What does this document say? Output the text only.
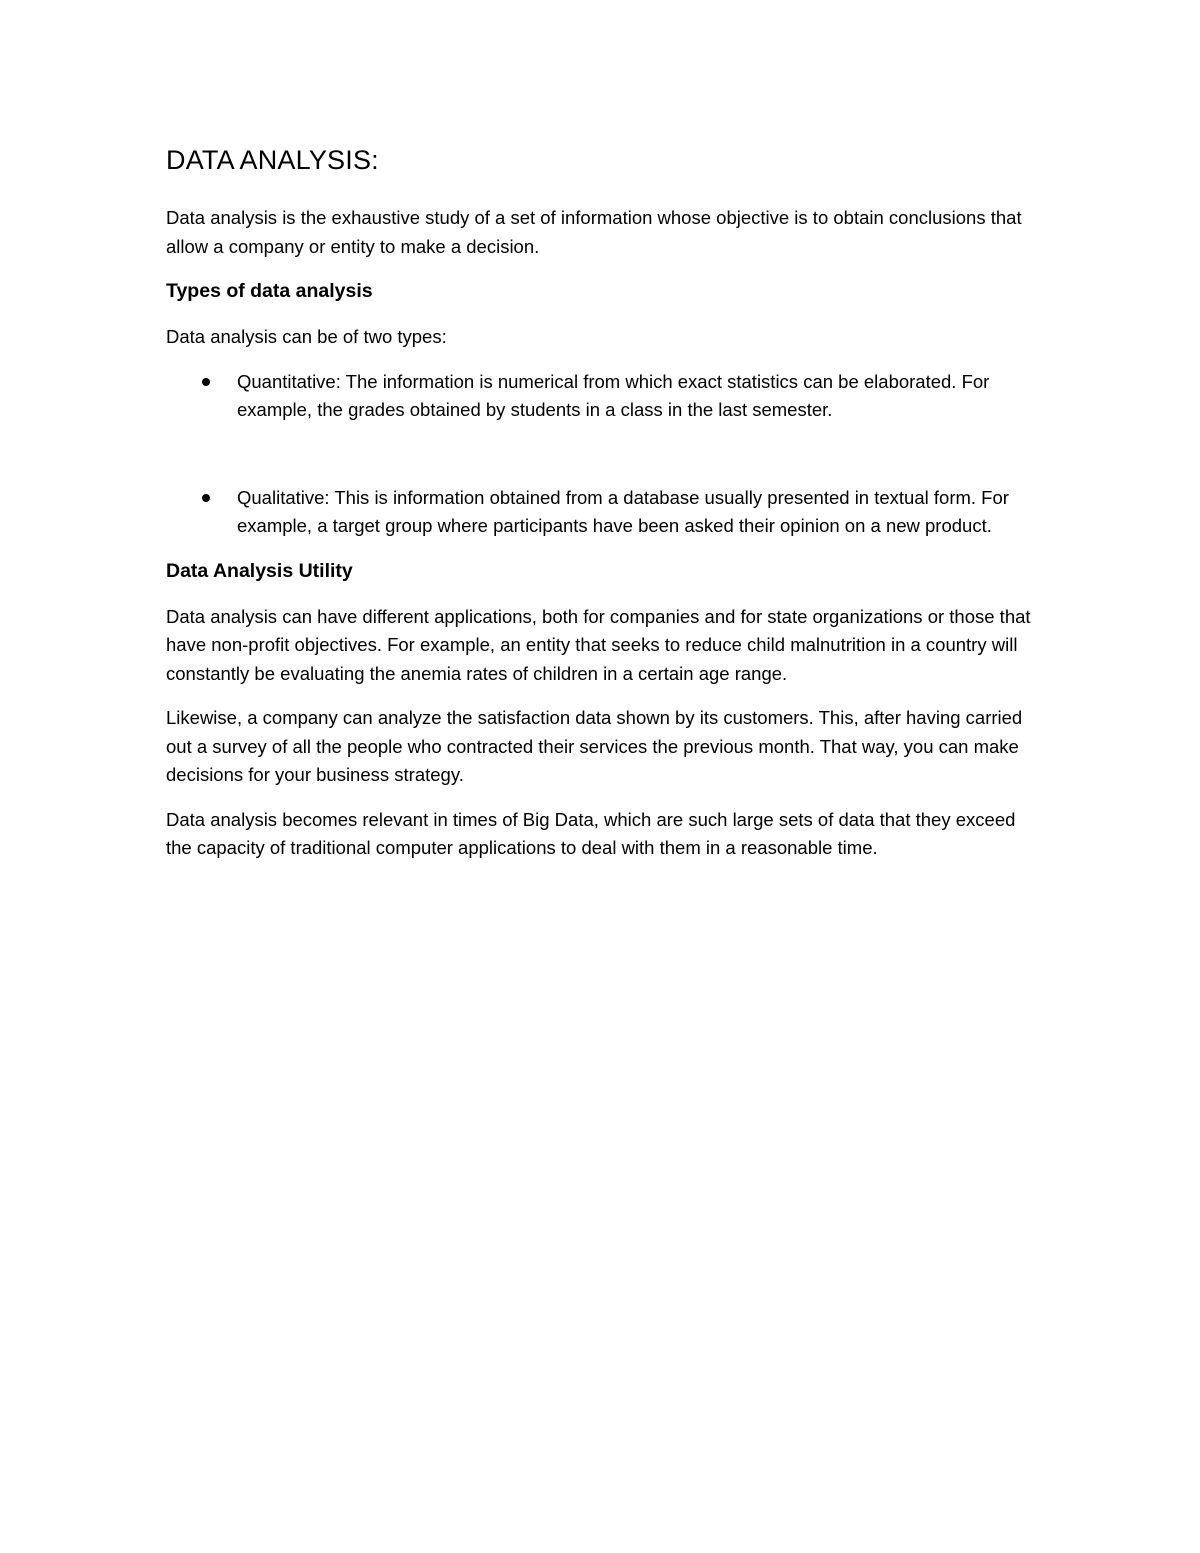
DATA ANALYSIS:

Data analysis is the exhaustive study of a set of information whose objective is to obtain conclusions that allow a company or entity to make a decision.

Types of data analysis

Data analysis can be of two types:

Quantitative: The information is numerical from which exact statistics can be elaborated. For example, the grades obtained by students in a class in the last semester.
Qualitative: This is information obtained from a database usually presented in textual form. For example, a target group where participants have been asked their opinion on a new product.
Data Analysis Utility

Data analysis can have different applications, both for companies and for state organizations or those that have non-profit objectives. For example, an entity that seeks to reduce child malnutrition in a country will constantly be evaluating the anemia rates of children in a certain age range.

Likewise, a company can analyze the satisfaction data shown by its customers. This, after having carried out a survey of all the people who contracted their services the previous month. That way, you can make decisions for your business strategy.

Data analysis becomes relevant in times of Big Data, which are such large sets of data that they exceed the capacity of traditional computer applications to deal with them in a reasonable time.
